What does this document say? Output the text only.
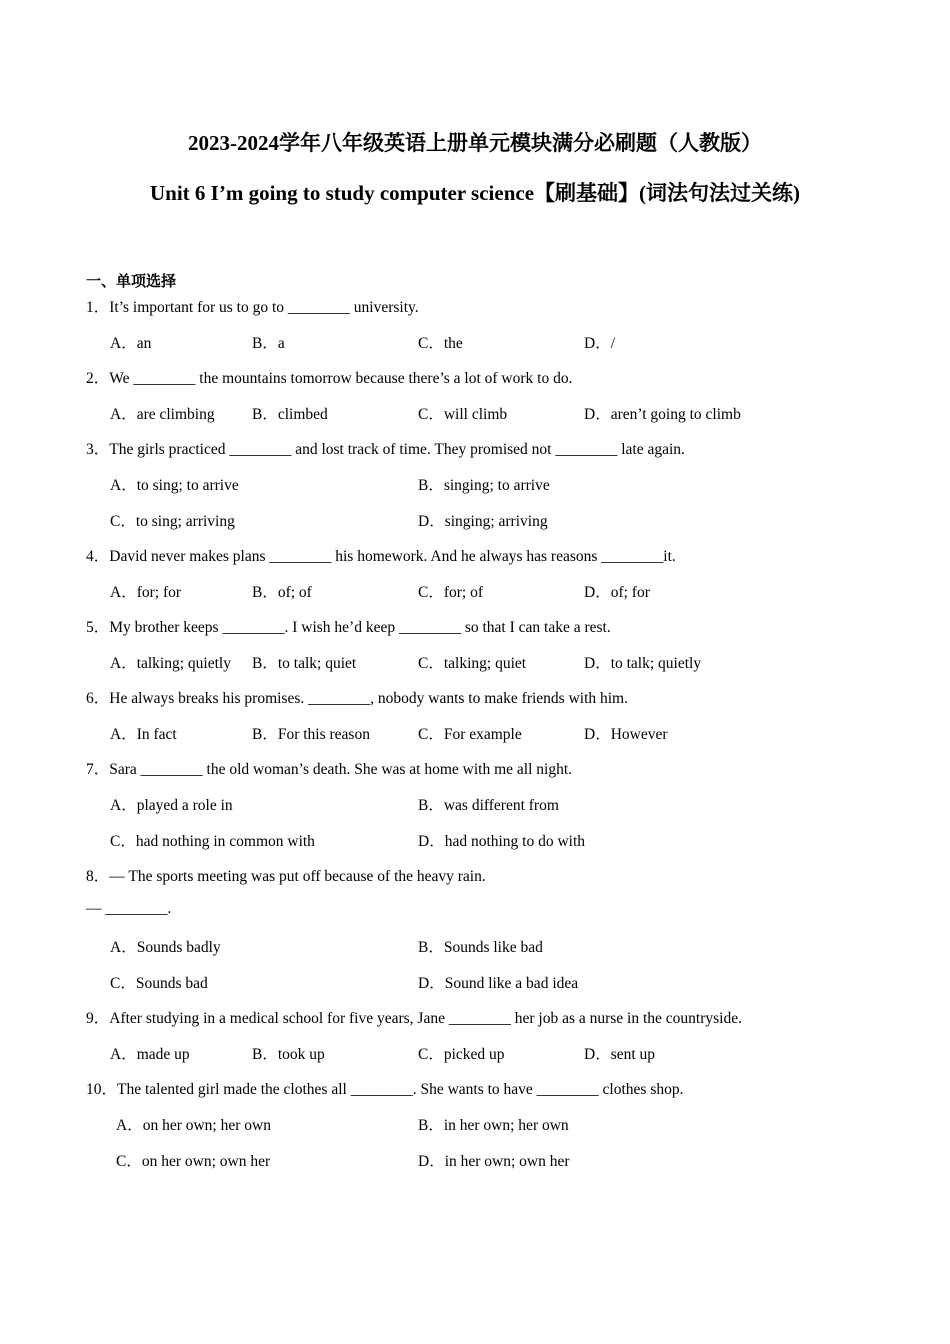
2023-2024学年八年级英语上册单元模块满分必刷题（人教版）
Unit 6 I’m going to study computer science【刷基础】(词法句法过关练)
一、单项选择
1．It’s important for us to go to ________ university.
A．an	B．a	C．the	D．/
2．We ________ the mountains tomorrow because there’s a lot of work to do.
A．are climbing B．climbed	C．will climb	D．aren’t going to climb
3．The girls practiced ________ and lost track of time. They promised not ________ late again.
A．to sing; to arrive	B．singing; to arrive
C．to sing; arriving	D．singing; arriving
4．David never makes plans ________ his homework. And he always has reasons ________it.
A．for; for	B．of; of	C．for; of	D．of; for
5．My brother keeps ________. I wish he’d keep ________ so that I can take a rest.
A．talking; quietly B．to talk; quiet	C．talking; quiet	D．to talk; quietly
6．He always breaks his promises. ________, nobody wants to make friends with him.
A．In fact	B．For this reason	C．For example	D．However
7．Sara ________ the old woman’s death. She was at home with me all night.
A．played a role in	B．was different from
C．had nothing in common with	D．had nothing to do with
8．— The sports meeting was put off because of the heavy rain.
— ________.
A．Sounds badly	B．Sounds like bad
C．Sounds bad	D．Sound like a bad idea
9．After studying in a medical school for five years, Jane ________ her job as a nurse in the countryside.
A．made up	B．took up	C．picked up	D．sent up
10．The talented girl made the clothes all ________. She wants to have ________ clothes shop.
A．on her own; her own	B．in her own; her own
C．on her own; own her	D．in her own; own her
